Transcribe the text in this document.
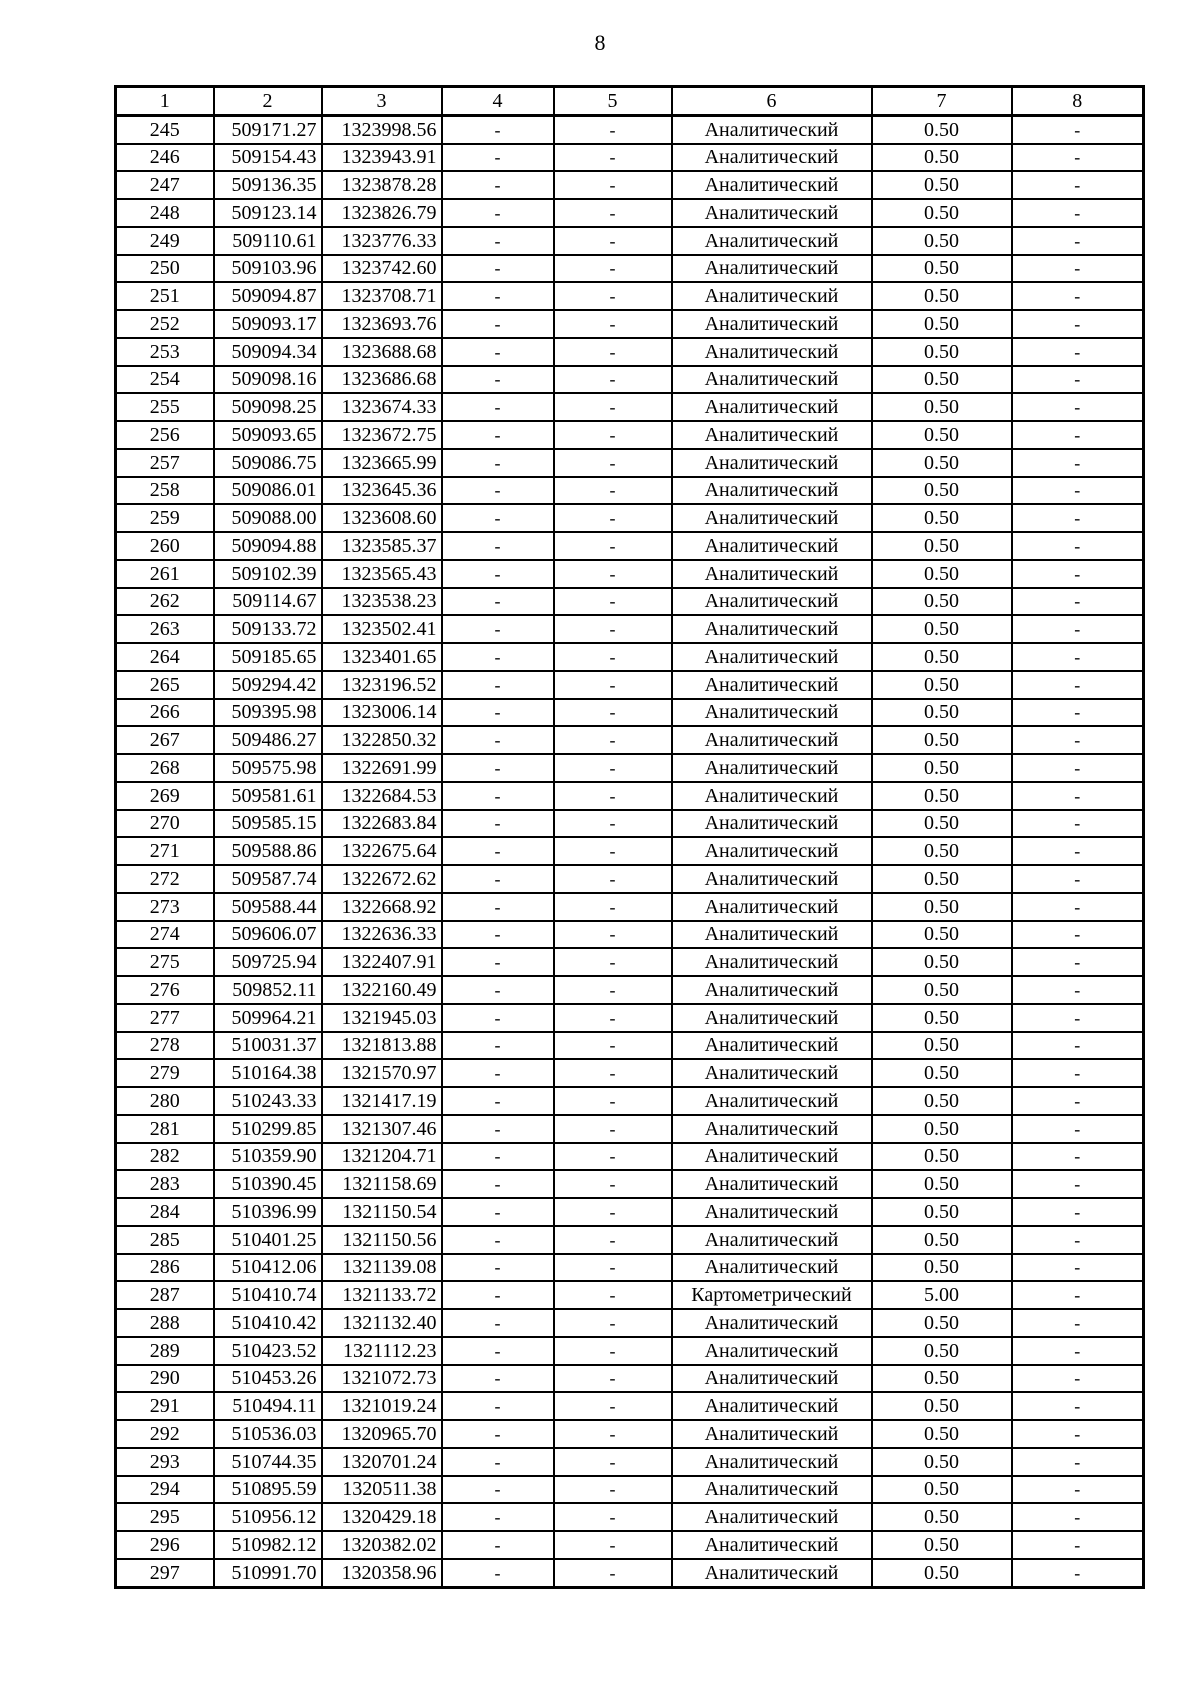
8
1	2	3	4	5	6	7	8
245	509171.27	1323998.56	-	-	Аналитический	0.50	-
246	509154.43	1323943.91	-	-	Аналитический	0.50	-
247	509136.35	1323878.28	-	-	Аналитический	0.50	-
248	509123.14	1323826.79	-	-	Аналитический	0.50	-
249	509110.61	1323776.33	-	-	Аналитический	0.50	-
250	509103.96	1323742.60	-	-	Аналитический	0.50	-
251	509094.87	1323708.71	-	-	Аналитический	0.50	-
252	509093.17	1323693.76	-	-	Аналитический	0.50	-
253	509094.34	1323688.68	-	-	Аналитический	0.50	-
254	509098.16	1323686.68	-	-	Аналитический	0.50	-
255	509098.25	1323674.33	-	-	Аналитический	0.50	-
256	509093.65	1323672.75	-	-	Аналитический	0.50	-
257	509086.75	1323665.99	-	-	Аналитический	0.50	-
258	509086.01	1323645.36	-	-	Аналитический	0.50	-
259	509088.00	1323608.60	-	-	Аналитический	0.50	-
260	509094.88	1323585.37	-	-	Аналитический	0.50	-
261	509102.39	1323565.43	-	-	Аналитический	0.50	-
262	509114.67	1323538.23	-	-	Аналитический	0.50	-
263	509133.72	1323502.41	-	-	Аналитический	0.50	-
264	509185.65	1323401.65	-	-	Аналитический	0.50	-
265	509294.42	1323196.52	-	-	Аналитический	0.50	-
266	509395.98	1323006.14	-	-	Аналитический	0.50	-
267	509486.27	1322850.32	-	-	Аналитический	0.50	-
268	509575.98	1322691.99	-	-	Аналитический	0.50	-
269	509581.61	1322684.53	-	-	Аналитический	0.50	-
270	509585.15	1322683.84	-	-	Аналитический	0.50	-
271	509588.86	1322675.64	-	-	Аналитический	0.50	-
272	509587.74	1322672.62	-	-	Аналитический	0.50	-
273	509588.44	1322668.92	-	-	Аналитический	0.50	-
274	509606.07	1322636.33	-	-	Аналитический	0.50	-
275	509725.94	1322407.91	-	-	Аналитический	0.50	-
276	509852.11	1322160.49	-	-	Аналитический	0.50	-
277	509964.21	1321945.03	-	-	Аналитический	0.50	-
278	510031.37	1321813.88	-	-	Аналитический	0.50	-
279	510164.38	1321570.97	-	-	Аналитический	0.50	-
280	510243.33	1321417.19	-	-	Аналитический	0.50	-
281	510299.85	1321307.46	-	-	Аналитический	0.50	-
282	510359.90	1321204.71	-	-	Аналитический	0.50	-
283	510390.45	1321158.69	-	-	Аналитический	0.50	-
284	510396.99	1321150.54	-	-	Аналитический	0.50	-
285	510401.25	1321150.56	-	-	Аналитический	0.50	-
286	510412.06	1321139.08	-	-	Аналитический	0.50	-
287	510410.74	1321133.72	-	-	Картометрический	5.00	-
288	510410.42	1321132.40	-	-	Аналитический	0.50	-
289	510423.52	1321112.23	-	-	Аналитический	0.50	-
290	510453.26	1321072.73	-	-	Аналитический	0.50	-
291	510494.11	1321019.24	-	-	Аналитический	0.50	-
292	510536.03	1320965.70	-	-	Аналитический	0.50	-
293	510744.35	1320701.24	-	-	Аналитический	0.50	-
294	510895.59	1320511.38	-	-	Аналитический	0.50	-
295	510956.12	1320429.18	-	-	Аналитический	0.50	-
296	510982.12	1320382.02	-	-	Аналитический	0.50	-
297	510991.70	1320358.96	-	-	Аналитический	0.50	-
